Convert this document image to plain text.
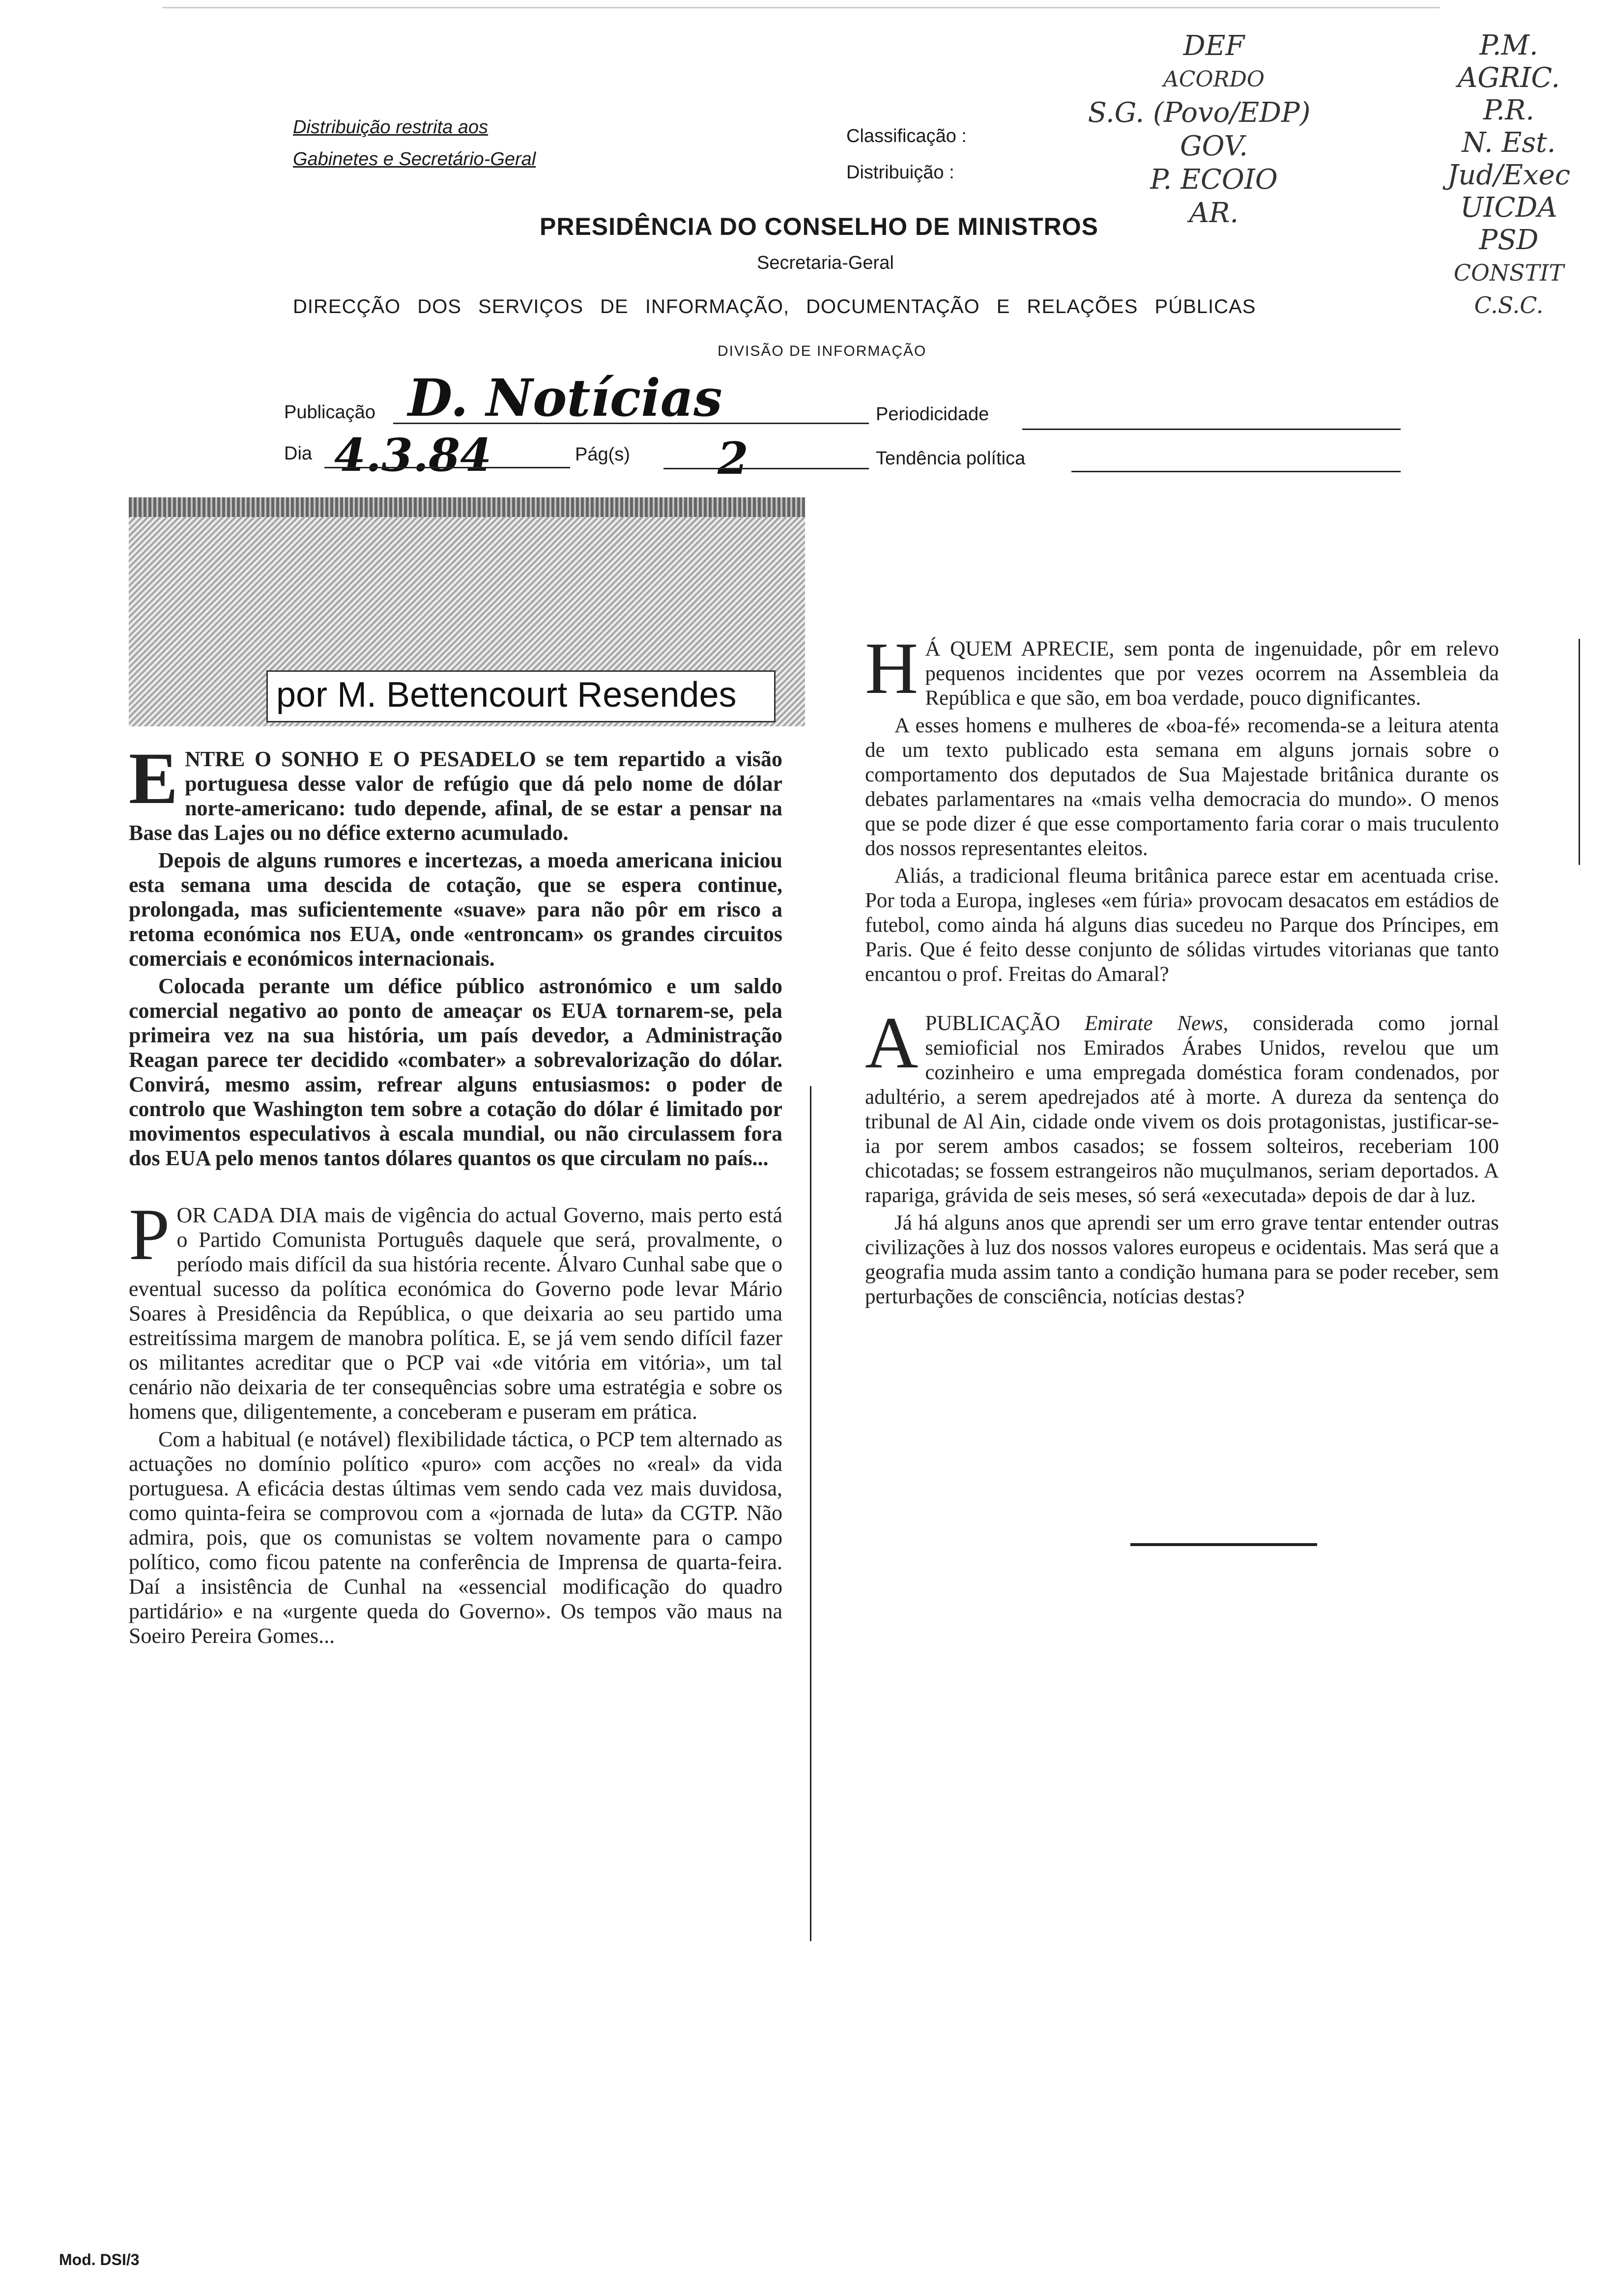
Distribuição restrita aos
Gabinetes e Secretário-Geral
Classificação :
Distribuição :
PRESIDÊNCIA DO CONSELHO DE MINISTROS
Secretaria-Geral
DIRECÇÃO DOS SERVIÇOS DE INFORMAÇÃO, DOCUMENTAÇÃO E RELAÇÕES PÚBLICAS
DIVISÃO DE INFORMAÇÃO
DEF
ACORDO
S.G. (Povo/EDP)
GOV.
P. ECOIO
AR.
P.M.
AGRIC.
P.R.
N. Est.
Jud/Exec
UICDA
PSD
CONSTIT
C.S.C.
Publicação D. Notícias	Periodicidade
Dia 4.3.84	Pág(s) 2	Tendência política
por M. Bettencourt Resendes

ENTRE O SONHO E O PESADELO se tem repartido a visão portuguesa desse valor de refúgio que dá pelo nome de dólar norte-americano: tudo depende, afinal, de se estar a pensar na Base das Lajes ou no défice externo acumulado.

Depois de alguns rumores e incertezas, a moeda americana iniciou esta semana uma descida de cotação, que se espera continue, prolongada, mas suficientemente «suave» para não pôr em risco a retoma económica nos EUA, onde «entroncam» os grandes circuitos comerciais e económicos internacionais.

Colocada perante um défice público astronómico e um saldo comercial negativo ao ponto de ameaçar os EUA tornarem-se, pela primeira vez na sua história, um país devedor, a Administração Reagan parece ter decidido «combater» a sobrevalorização do dólar. Convirá, mesmo assim, refrear alguns entusiasmos: o poder de controlo que Washington tem sobre a cotação do dólar é limitado por movimentos especulativos à escala mundial, ou não circulassem fora dos EUA pelo menos tantos dólares quantos os que circulam no país...

POR CADA DIA mais de vigência do actual Governo, mais perto está o Partido Comunista Português daquele que será, provalmente, o período mais difícil da sua história recente. Álvaro Cunhal sabe que o eventual sucesso da política económica do Governo pode levar Mário Soares à Presidência da República, o que deixaria ao seu partido uma estreitíssima margem de manobra política. E, se já vem sendo difícil fazer os militantes acreditar que o PCP vai «de vitória em vitória», um tal cenário não deixaria de ter consequências sobre uma estratégia e sobre os homens que, diligentemente, a conceberam e puseram em prática.

Com a habitual (e notável) flexibilidade táctica, o PCP tem alternado as actuações no domínio político «puro» com acções no «real» da vida portuguesa. A eficácia destas últimas vem sendo cada vez mais duvidosa, como quinta-feira se comprovou com a «jornada de luta» da CGTP. Não admira, pois, que os comunistas se voltem novamente para o campo político, como ficou patente na conferência de Imprensa de quarta-feira. Daí a insistência de Cunhal na «essencial modificação do quadro partidário» e na «urgente queda do Governo». Os tempos vão maus na Soeiro Pereira Gomes...

H Á QUEM APRECIE, sem ponta de ingenuidade, pôr em relevo pequenos incidentes que por vezes ocorrem na Assembleia da República e que são, em boa verdade, pouco dignificantes.

A esses homens e mulheres de «boa-fé» recomenda-se a leitura atenta de um texto publicado esta semana em alguns jornais sobre o comportamento dos deputados de Sua Majestade britânica durante os debates parlamentares na «mais velha democracia do mundo». O menos que se pode dizer é que esse comportamento faria corar o mais truculento dos nossos representantes eleitos.

Aliás, a tradicional fleuma britânica parece estar em acentuada crise. Por toda a Europa, ingleses «em fúria» provocam desacatos em estádios de futebol, como ainda há alguns dias sucedeu no Parque dos Príncipes, em Paris. Que é feito desse conjunto de sólidas virtudes vitorianas que tanto encantou o prof. Freitas do Amaral?

APUBLICAÇÃO Emirate News, considerada como jornal semioficial nos Emirados Árabes Unidos, revelou que um cozinheiro e uma empregada doméstica foram condenados, por adultério, a serem apedrejados até à morte. A dureza da sentença do tribunal de Al Ain, cidade onde vivem os dois protagonistas, justificar-se-ia por serem ambos casados; se fossem solteiros, receberiam 100 chicotadas; se fossem estrangeiros não muçulmanos, seriam deportados. A rapariga, grávida de seis meses, só será «executada» depois de dar à luz.

Já há alguns anos que aprendi ser um erro grave tentar entender outras civilizações à luz dos nossos valores europeus e ocidentais. Mas será que a geografia muda assim tanto a condição humana para se poder receber, sem perturbações de consciência, notícias destas?

Mod. DSI/3
